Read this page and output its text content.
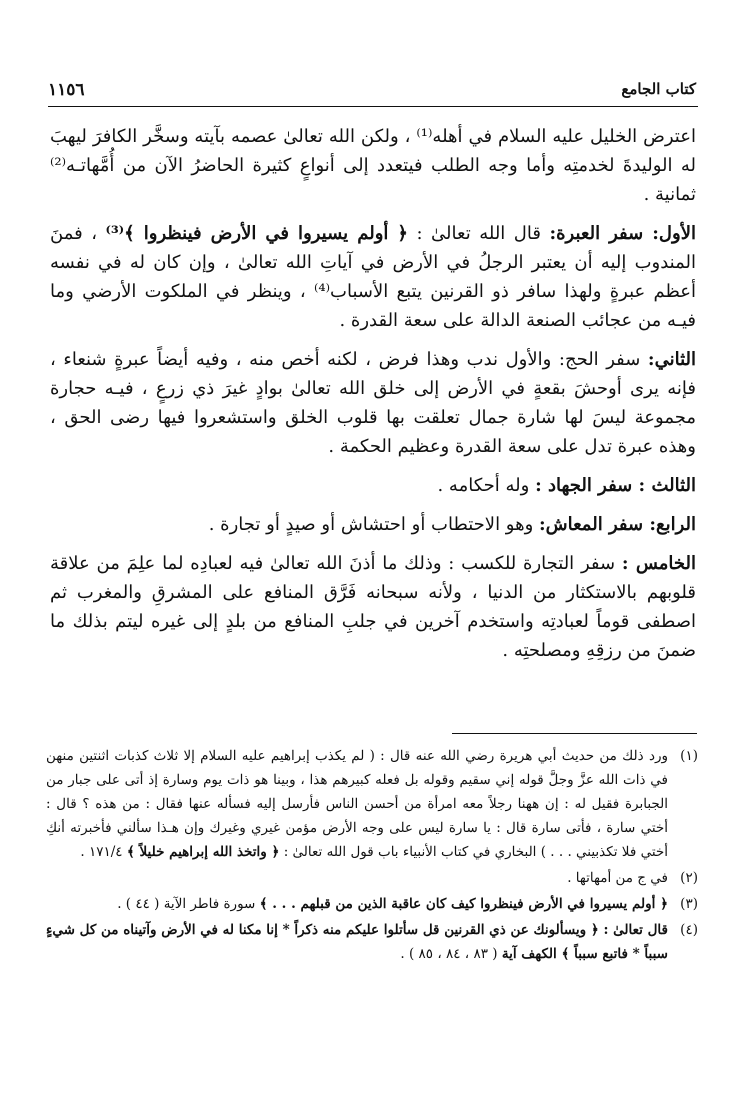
كتاب الجامع
١١٥٦

اعترض الخليل عليه السلام في أهله⁽¹⁾ ، ولكن الله تعالىٰ عصمه بآيته وسخَّر الكافرَ ليهبَ له الوليدةَ لخدمتِه وأما وجه الطلب فيتعدد إلى أنواعٍ كثيرة الحاضرُ الآن من أُمَّهاتـه⁽²⁾ ثمانية .

الأول: سفر العبرة: قال الله تعالىٰ : ﴿ أولم يسيروا في الأرض فينظروا ﴾⁽³⁾ ، فمنَ المندوب إليه أن يعتبر الرجلُ في الأرض في آياتِ الله تعالىٰ ، وإن كان له في نفسه أعظم عبرةٍ ولهذا سافر ذو القرنين يتبع الأسباب⁽⁴⁾ ، وينظر في الملكوت الأرضي وما فيـه من عجائب الصنعة الدالة على سعة القدرة .

الثاني: سفر الحج: والأول ندب وهذا فرض ، لكنه أخص منه ، وفيه أيضاً عبرةٍ شنعاء ، فإنه يرى أوحشَ بقعةٍ في الأرض إلى خلق الله تعالىٰ بوادٍ غيرَ ذي زرعٍ ، فيـه حجارة مجموعة ليسَ لها شارة جمال تعلقت بها قلوب الخلق واستشعروا فيها رضى الحق ، وهذه عبرة تدل على سعة القدرة وعظيم الحكمة .

الثالث : سفر الجهاد : وله أحكامه .

الرابع: سفر المعاش: وهو الاحتطاب أو احتشاش أو صيدٍ أو تجارة .

الخامس : سفر التجارة للكسب : وذلك ما أذنَ الله تعالىٰ فيه لعبادِه لما علِمَ من علاقة قلوبهم بالاستكثار من الدنيا ، ولأنه سبحانه فَرَّق المنافع على المشرقِ والمغرب ثم اصطفى قوماً لعبادتِه واستخدم آخرين في جلبِ المنافع من بلدٍ إلى غيره ليتم بذلك ما ضمنَ من رزقِهِ ومصلحتِه .

(١)
ورد ذلك من حديث أبي هريرة رضي الله عنه قال : ( لم يكذب إبراهيم عليه السلام إلا ثلاث كذبات اثنتين منهن في ذات الله عزَّ وجلَّ قوله إني سقيم وقوله بل فعله كبيرهم هذا ، وبينا هو ذات يوم وسارة إذ أتى على جبار من الجبابرة فقيل له : إن ههنا رجلاً معه امرأة من أحسن الناس فأرسل إليه فسأله عنها فقال : من هذه ؟ قال : أختي سارة ، فأتى سارة قال : يا سارة ليس على وجه الأرض مؤمن غيري وغيرك وإن هـذا سألني فأخبرته أنكِ أختي فلا تكذبيني . . . ) البخاري في كتاب الأنبياء باب قول الله تعالىٰ : ﴿ واتخذ الله إبراهيم خليلاً ﴾ ١٧١/٤ .
(٢)
في ج من أمهاتها .
(٣)
﴿ أولم يسيروا في الأرض فينظروا كيف كان عاقبة الذين من قبلهم . . . ﴾ سورة فاطر الآية ( ٤٤ ) .
(٤)
قال تعالىٰ : ﴿ ويسألونك عن ذي القرنين قل سأتلوا عليكم منه ذكراً * إنا مكنا له في الأرض وآتيناه من كل شيءٍ سبباً * فاتبع سبباً ﴾ الكهف آية ( ٨٣ ، ٨٤ ، ٨٥ ) .
